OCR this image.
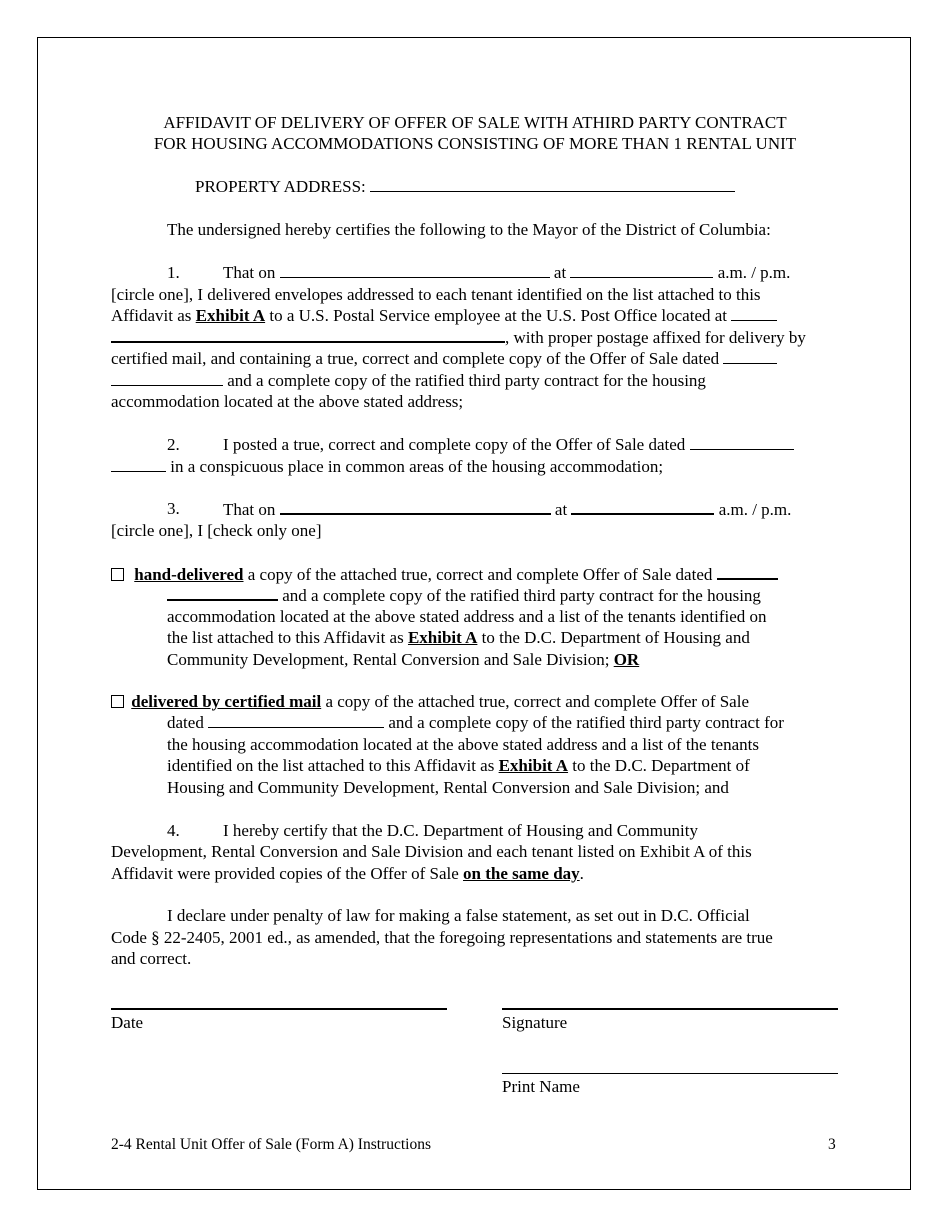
AFFIDAVIT OF DELIVERY OF OFFER OF SALE WITH ATHIRD PARTY CONTRACT
FOR HOUSING ACCOMMODATIONS CONSISTING OF MORE THAN 1 RENTAL UNIT
PROPERTY ADDRESS:
The undersigned hereby certifies the following to the Mayor of the District of Columbia:
1.	That on	at	a.m. / p.m.
[circle one], I delivered envelopes addressed to each tenant identified on the list attached to this
Affidavit as Exhibit A to a U.S. Postal Service employee at the U.S. Post Office located at
, with proper postage affixed for delivery by
certified mail, and containing a true, correct and complete copy of the Offer of Sale dated
and a complete copy of the ratified third party contract for the housing
accommodation located at the above stated address;
2.	I posted a true, correct and complete copy of the Offer of Sale dated
in a conspicuous place in common areas of the housing accommodation;
3.	That on	at	a.m. / p.m.
[circle one], I [check only one]
hand-delivered a copy of the attached true, correct and complete Offer of Sale dated
and a complete copy of the ratified third party contract for the housing
accommodation located at the above stated address and a list of the tenants identified on
the list attached to this Affidavit as Exhibit A to the D.C. Department of Housing and
Community Development, Rental Conversion and Sale Division; OR
delivered by certified mail a copy of the attached true, correct and complete Offer of Sale
dated	and a complete copy of the ratified third party contract for
the housing accommodation located at the above stated address and a list of the tenants
identified on the list attached to this Affidavit as Exhibit A to the D.C. Department of
Housing and Community Development, Rental Conversion and Sale Division; and
4.	I hereby certify that the D.C. Department of Housing and Community
Development, Rental Conversion and Sale Division and each tenant listed on Exhibit A of this
Affidavit were provided copies of the Offer of Sale on the same day.
I declare under penalty of law for making a false statement, as set out in D.C. Official
Code § 22-2405, 2001 ed., as amended, that the foregoing representations and statements are true
and correct.
Date	Signature
Print Name
2-4 Rental Unit Offer of Sale (Form A) Instructions	3
